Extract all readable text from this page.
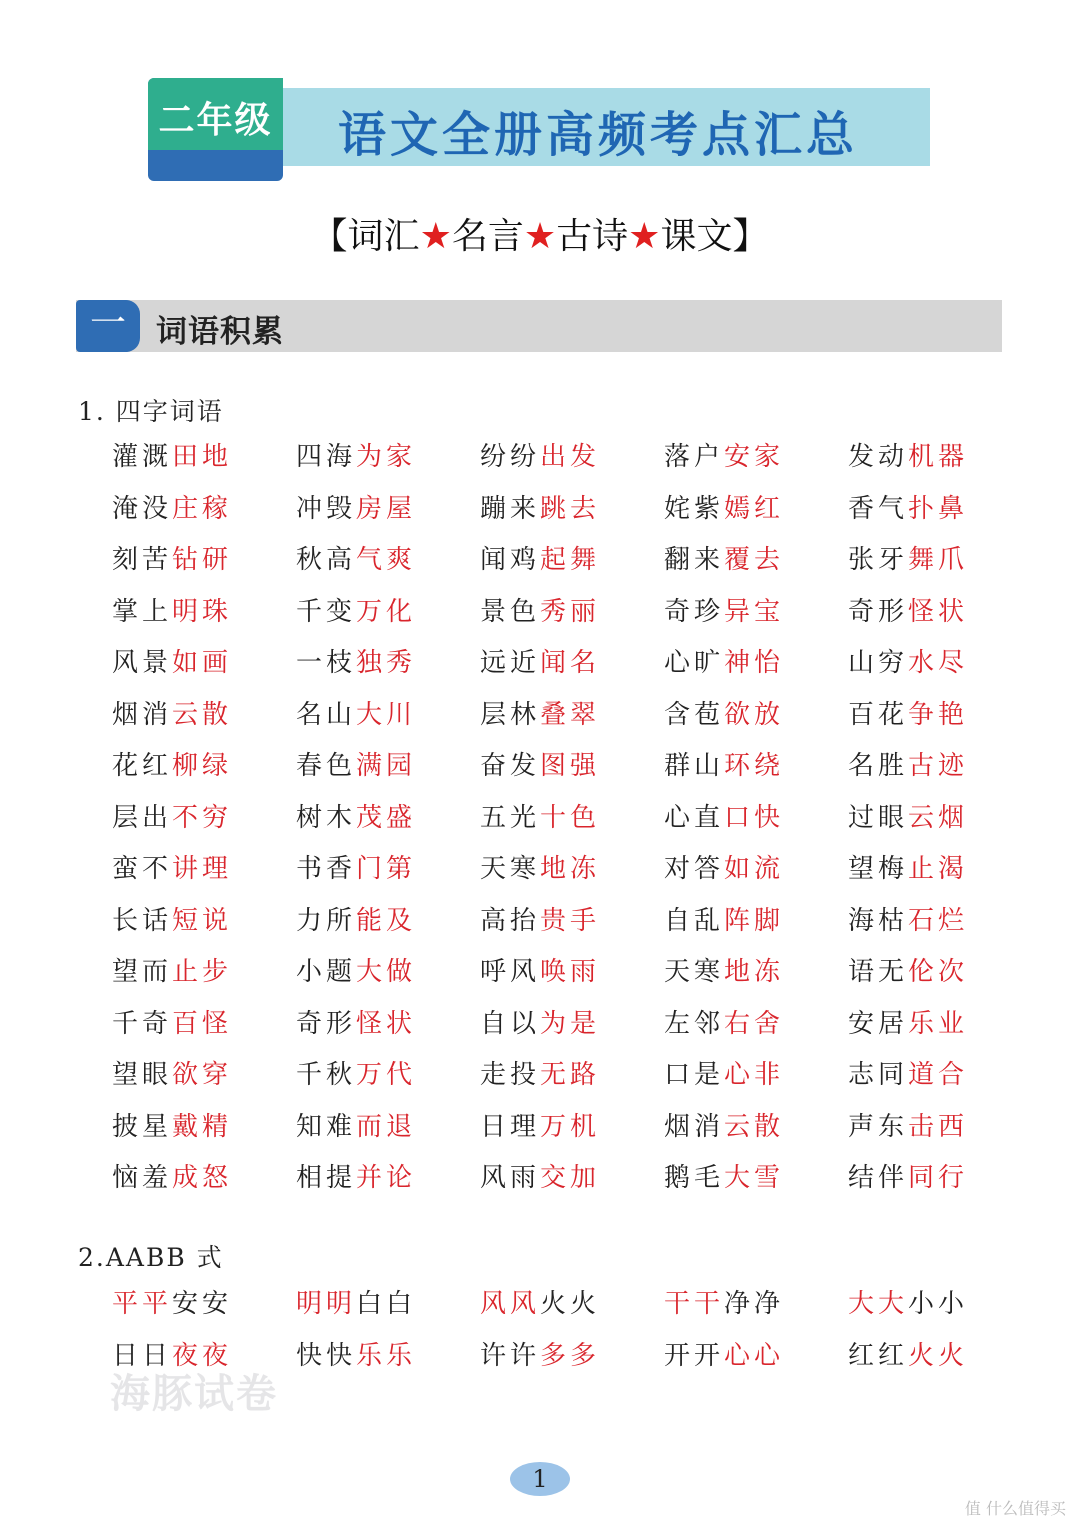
二年级 语文全册高频考点汇总
【词汇★名言★古诗★课文】
一 词语积累
1. 四字词语
灌溉田地	四海为家	纷纷出发	落户安家	发动机器
淹没庄稼	冲毁房屋	蹦来跳去	姹紫嫣红	香气扑鼻
刻苦钻研	秋高气爽	闻鸡起舞	翻来覆去	张牙舞爪
掌上明珠	千变万化	景色秀丽	奇珍异宝	奇形怪状
风景如画	一枝独秀	远近闻名	心旷神怡	山穷水尽
烟消云散	名山大川	层林叠翠	含苞欲放	百花争艳
花红柳绿	春色满园	奋发图强	群山环绕	名胜古迹
层出不穷	树木茂盛	五光十色	心直口快	过眼云烟
蛮不讲理	书香门第	天寒地冻	对答如流	望梅止渴
长话短说	力所能及	高抬贵手	自乱阵脚	海枯石烂
望而止步	小题大做	呼风唤雨	天寒地冻	语无伦次
千奇百怪	奇形怪状	自以为是	左邻右舍	安居乐业
望眼欲穿	千秋万代	走投无路	口是心非	志同道合
披星戴精	知难而退	日理万机	烟消云散	声东击西
恼羞成怒	相提并论	风雨交加	鹅毛大雪	结伴同行
2.AABB 式
平平安安	明明白白	风风火火	干干净净	大大小小
日日夜夜	快快乐乐	许许多多	开开心心	红红火火
海豚试卷
1
值 什么值得买
